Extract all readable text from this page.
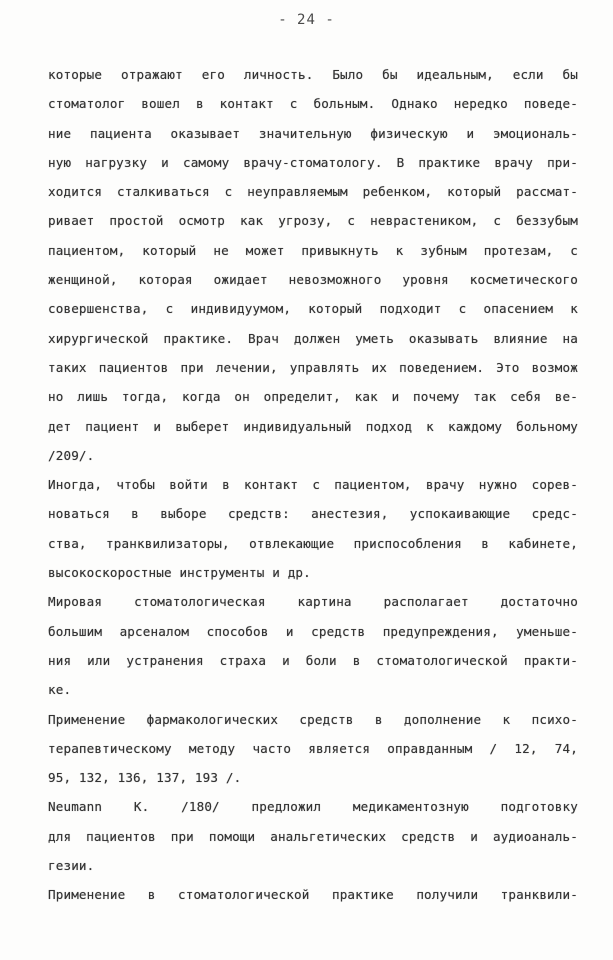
- 24 -
которые отражают его личность. Было бы идеальным, если бы
стоматолог вошел в контакт с больным. Однако нередко поведе-
ние пациента оказывает значительную физическую и эмоциональ-
ную нагрузку и самому врачу-стоматологу. В практике врачу при-
ходится сталкиваться с неуправляемым ребенком, который рассмат-
ривает простой осмотр как угрозу, с неврастеником, с беззубым
пациентом, который не может привыкнуть к зубным протезам, с
женщиной, которая ожидает невозможного уровня косметического
совершенства, с индивидуумом, который подходит с опасением к
хирургической практике. Врач должен уметь оказывать влияние на
таких пациентов при лечении, управлять их поведением. Это возмож
но лишь тогда, когда он определит, как и почему так себя ве-
дет пациент и выберет индивидуальный подход к каждому больному
/209/.
Иногда, чтобы войти в контакт с пациентом, врачу нужно сорев-
новаться в выборе средств: анестезия, успокаивающие средс-
ства, транквилизаторы, отвлекающие приспособления в кабинете,
высокоскоростные инструменты и др.
Мировая стоматологическая картина располагает достаточно
большим арсеналом способов и средств предупреждения, уменьше-
ния или устранения страха и боли в стоматологической практи-
ке.
Применение фармакологических средств в дополнение к психо-
терапевтическому методу часто является оправданным / 12, 74,
95, 132, 136, 137, 193 /.
Neumann K. /180/ предложил медикаментозную подготовку
для пациентов при помощи анальгетических средств и аудиоаналь-
гезии.
Применение в стоматологической практике получили транквили-
